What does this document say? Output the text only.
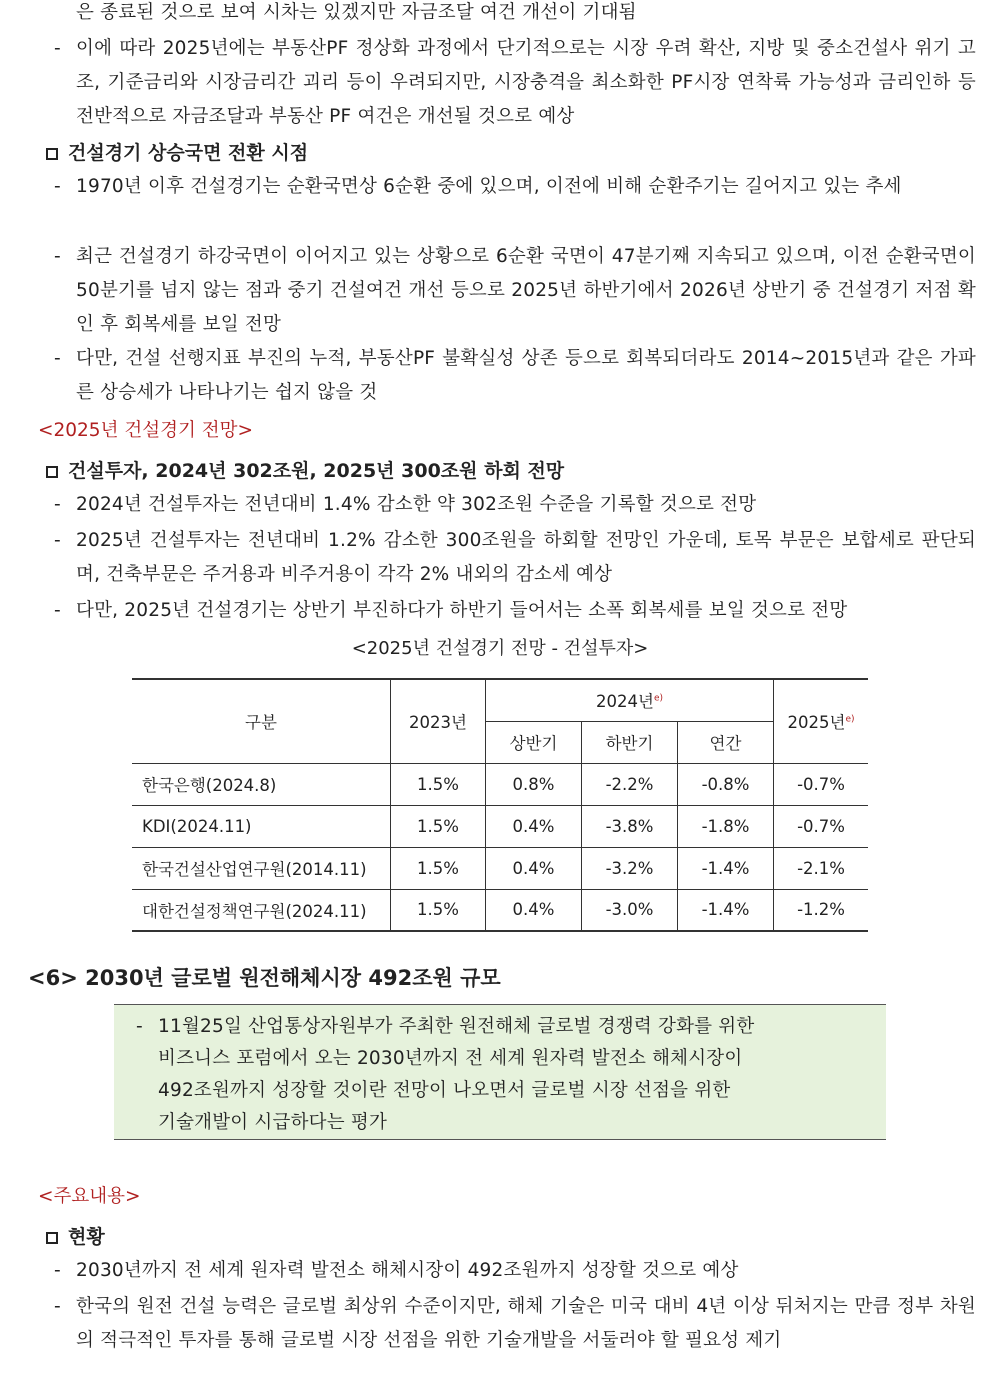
은 종료된 것으로 보여 시차는 있겠지만 자금조달 여건 개선이 기대됨
- 이에 따라 2025년에는 부동산PF 정상화 과정에서 단기적으로는 시장 우려 확산, 지방 및 중소건설사 위기 고조, 기준금리와 시장금리간 괴리 등이 우려되지만, 시장충격을 최소화한 PF시장 연착륙 가능성과 금리인하 등 전반적으로 자금조달과 부동산 PF 여건은 개선될 것으로 예상
건설경기 상승국면 전환 시점
- 1970년 이후 건설경기는 순환국면상 6순환 중에 있으며, 이전에 비해 순환주기는 길어지고 있는 추세
- 최근 건설경기 하강국면이 이어지고 있는 상황으로 6순환 국면이 47분기째 지속되고 있으며, 이전 순환국면이 50분기를 넘지 않는 점과 중기 건설여건 개선 등으로 2025년 하반기에서 2026년 상반기 중 건설경기 저점 확인 후 회복세를 보일 전망
- 다만, 건설 선행지표 부진의 누적, 부동산PF 불확실성 상존 등으로 회복되더라도 2014~2015년과 같은 가파른 상승세가 나타나기는 쉽지 않을 것
<2025년 건설경기 전망>
건설투자, 2024년 302조원, 2025년 300조원 하회 전망
- 2024년 건설투자는 전년대비 1.4% 감소한 약 302조원 수준을 기록할 것으로 전망
- 2025년 건설투자는 전년대비 1.2% 감소한 300조원을 하회할 전망인 가운데, 토목 부문은 보합세로 판단되며, 건축부문은 주거용과 비주거용이 각각 2% 내외의 감소세 예상
- 다만, 2025년 건설경기는 상반기 부진하다가 하반기 들어서는 소폭 회복세를 보일 것으로 전망
<2025년 건설경기 전망 - 건설투자>
구분	2023년	2024년$^{e)}$			2025년$^{e)}$
		상반기	하반기	연간	
한국은행(2024.8)	1.5%	0.8%	-2.2%	-0.8%	-0.7%
KDI(2024.11)	1.5%	0.4%	-3.8%	-1.8%	-0.7%
한국건설산업연구원(2014.11)	1.5%	0.4%	-3.2%	-1.4%	-2.1%
대한건설정책연구원(2024.11)	1.5%	0.4%	-3.0%	-1.4%	-1.2%
<6> 2030년 글로벌 원전해체시장 492조원 규모
- 11월25일 산업통상자원부가 주최한 원전해체 글로벌 경쟁력 강화를 위한
비즈니스 포럼에서 오는 2030년까지 전 세계 원자력 발전소 해체시장이
492조원까지 성장할 것이란 전망이 나오면서 글로벌 시장 선점을 위한
기술개발이 시급하다는 평가
<주요내용>
현황
- 2030년까지 전 세계 원자력 발전소 해체시장이 492조원까지 성장할 것으로 예상
- 한국의 원전 건설 능력은 글로벌 최상위 수준이지만, 해체 기술은 미국 대비 4년 이상 뒤처지는 만큼 정부 차원의 적극적인 투자를 통해 글로벌 시장 선점을 위한 기술개발을 서둘러야 할 필요성 제기
